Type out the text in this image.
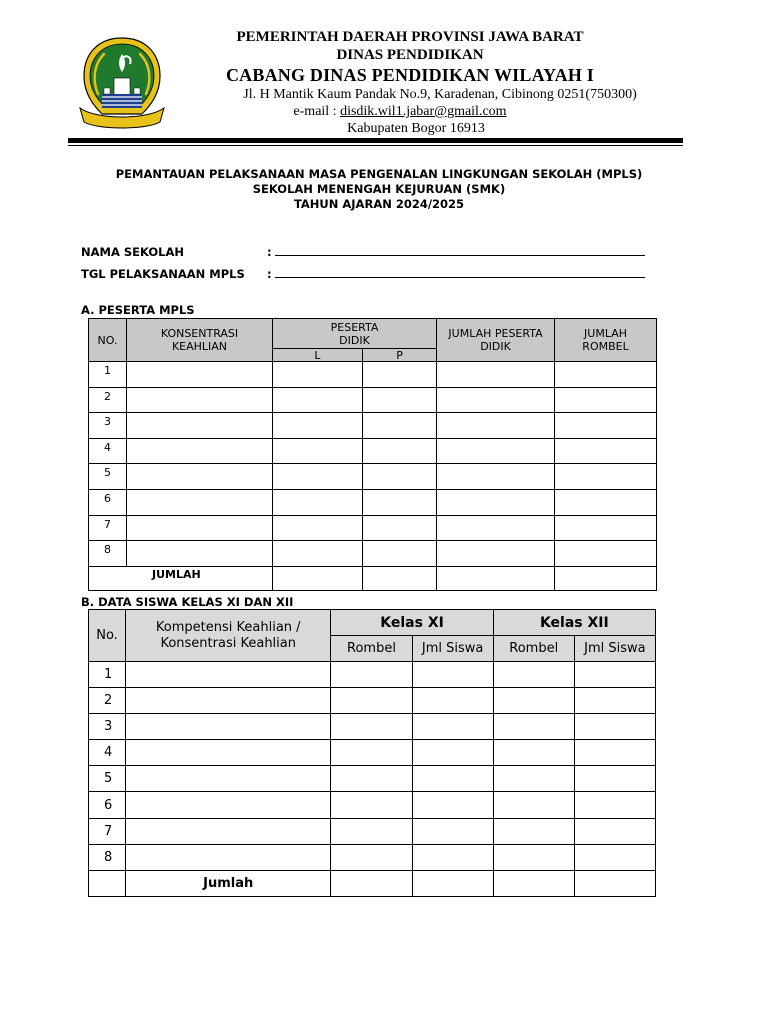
PEMERINTAH DAERAH PROVINSI JAWA BARAT
DINAS PENDIDIKAN
CABANG DINAS PENDIDIKAN WILAYAH I
Jl. H Mantik Kaum Pandak No.9, Karadenan, Cibinong 0251(750300)
e-mail : disdik.wil1.jabar@gmail.com
Kabupaten Bogor 16913
PEMANTAUAN PELAKSANAAN MASA PENGENALAN LINGKUNGAN SEKOLAH (MPLS)
SEKOLAH MENENGAH KEJURUAN (SMK)
TAHUN AJARAN 2024/2025
NAMA SEKOLAH	:
TGL PELAKSANAAN MPLS :
A. PESERTA MPLS
NO.	KONSENTRASI KEAHLIAN	PESERTA DIDIK		JUMLAH PESERTA DIDIK	JUMLAH ROMBEL
		L	P		
1					
2					
3					
4					
5					
6					
7					
8					
JUMLAH					
B. DATA SISWA KELAS XI DAN XII
No.	Kompetensi Keahlian / Konsentrasi Keahlian	Kelas XI		Kelas XII	
		Rombel	Jml Siswa	Rombel	Jml Siswa
1					
2					
3					
4					
5					
6					
7					
8					
	Jumlah				
